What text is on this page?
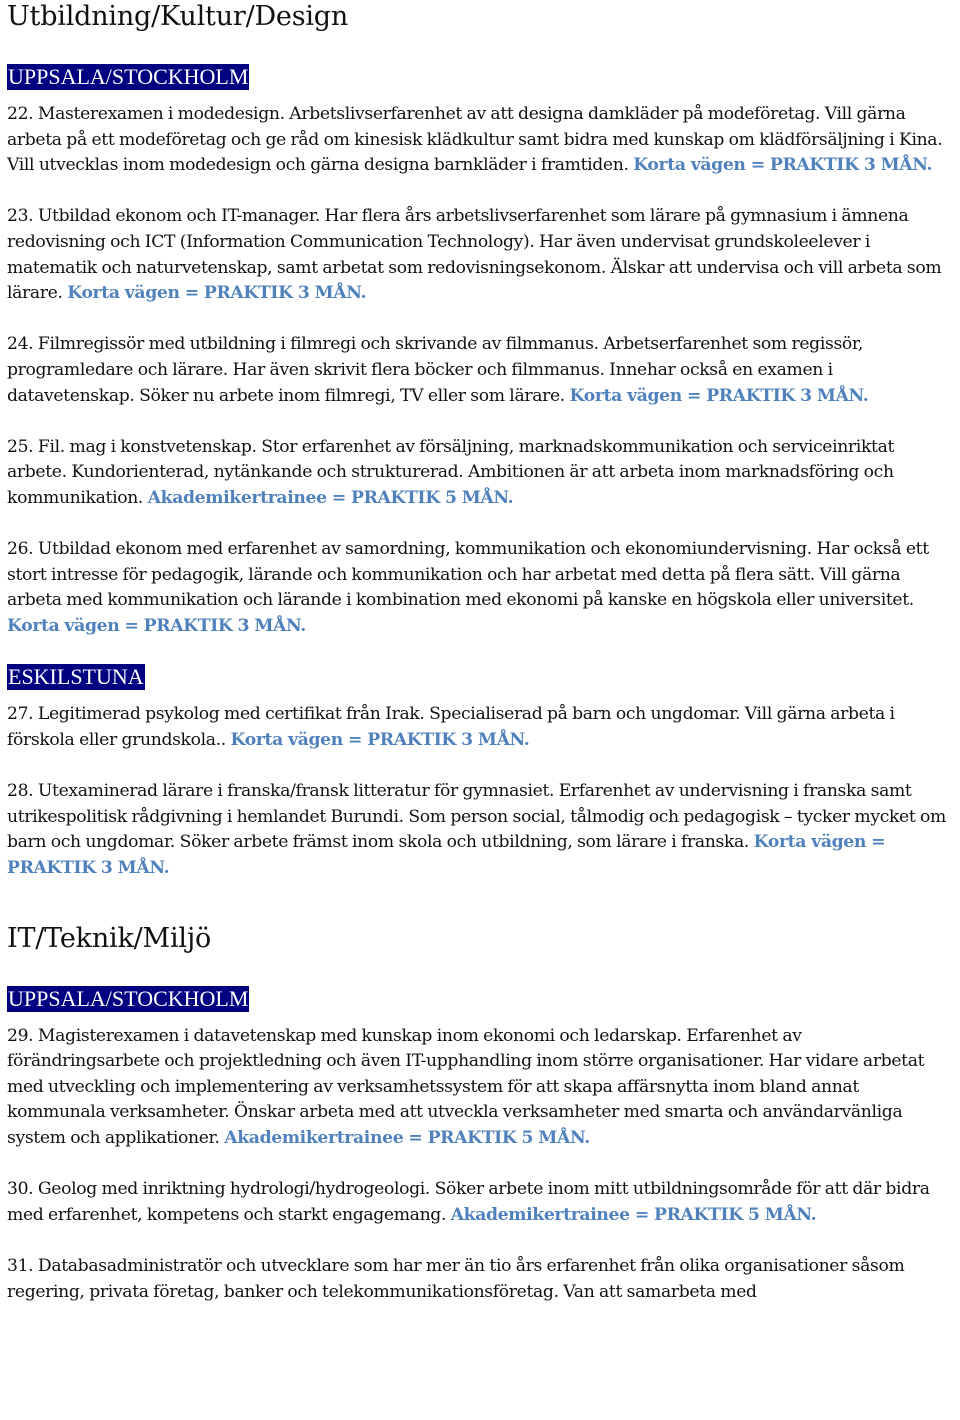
Utbildning/Kultur/Design
UPPSALA/STOCKHOLM

22. Masterexamen i modedesign. Arbetslivserfarenhet av att designa damkläder på modeföretag. Vill gärna arbeta på ett modeföretag och ge råd om kinesisk klädkultur samt bidra med kunskap om klädförsäljning i Kina. Vill utvecklas inom modedesign och gärna designa barnkläder i framtiden. Korta vägen = PRAKTIK 3 MÅN.

23. Utbildad ekonom och IT-manager. Har flera års arbetslivserfarenhet som lärare på gymnasium i ämnena redovisning och ICT (Information Communication Technology). Har även undervisat grundskoleelever i matematik och naturvetenskap, samt arbetat som redovisningsekonom. Älskar att undervisa och vill arbeta som lärare. Korta vägen = PRAKTIK 3 MÅN.

24. Filmregissör med utbildning i filmregi och skrivande av filmmanus. Arbetserfarenhet som regissör, programledare och lärare. Har även skrivit flera böcker och filmmanus. Innehar också en examen i datavetenskap. Söker nu arbete inom filmregi, TV eller som lärare. Korta vägen = PRAKTIK 3 MÅN.

25. Fil. mag i konstvetenskap. Stor erfarenhet av försäljning, marknadskommunikation och serviceinriktat arbete. Kundorienterad, nytänkande och strukturerad. Ambitionen är att arbeta inom marknadsföring och kommunikation. Akademikertrainee = PRAKTIK 5 MÅN.

26. Utbildad ekonom med erfarenhet av samordning, kommunikation och ekonomiundervisning. Har också ett stort intresse för pedagogik, lärande och kommunikation och har arbetat med detta på flera sätt. Vill gärna arbeta med kommunikation och lärande i kombination med ekonomi på kanske en högskola eller universitet. Korta vägen = PRAKTIK 3 MÅN.

ESKILSTUNA

27. Legitimerad psykolog med certifikat från Irak. Specialiserad på barn och ungdomar. Vill gärna arbeta i förskola eller grundskola.. Korta vägen = PRAKTIK 3 MÅN.

28. Utexaminerad lärare i franska/fransk litteratur för gymnasiet. Erfarenhet av undervisning i franska samt utrikespolitisk rådgivning i hemlandet Burundi. Som person social, tålmodig och pedagogisk – tycker mycket om barn och ungdomar. Söker arbete främst inom skola och utbildning, som lärare i franska. Korta vägen = PRAKTIK 3 MÅN.

IT/Teknik/Miljö
UPPSALA/STOCKHOLM

29. Magisterexamen i datavetenskap med kunskap inom ekonomi och ledarskap. Erfarenhet av förändringsarbete och projektledning och även IT-upphandling inom större organisationer. Har vidare arbetat med utveckling och implementering av verksamhetssystem för att skapa affärsnytta inom bland annat kommunala verksamheter. Önskar arbeta med att utveckla verksamheter med smarta och användarvänliga system och applikationer. Akademikertrainee = PRAKTIK 5 MÅN.

30. Geolog med inriktning hydrologi/hydrogeologi. Söker arbete inom mitt utbildningsområde för att där bidra med erfarenhet, kompetens och starkt engagemang. Akademikertrainee = PRAKTIK 5 MÅN.

31. Databasadministratör och utvecklare som har mer än tio års erfarenhet från olika organisationer såsom regering, privata företag, banker och telekommunikationsföretag. Van att samarbeta med
